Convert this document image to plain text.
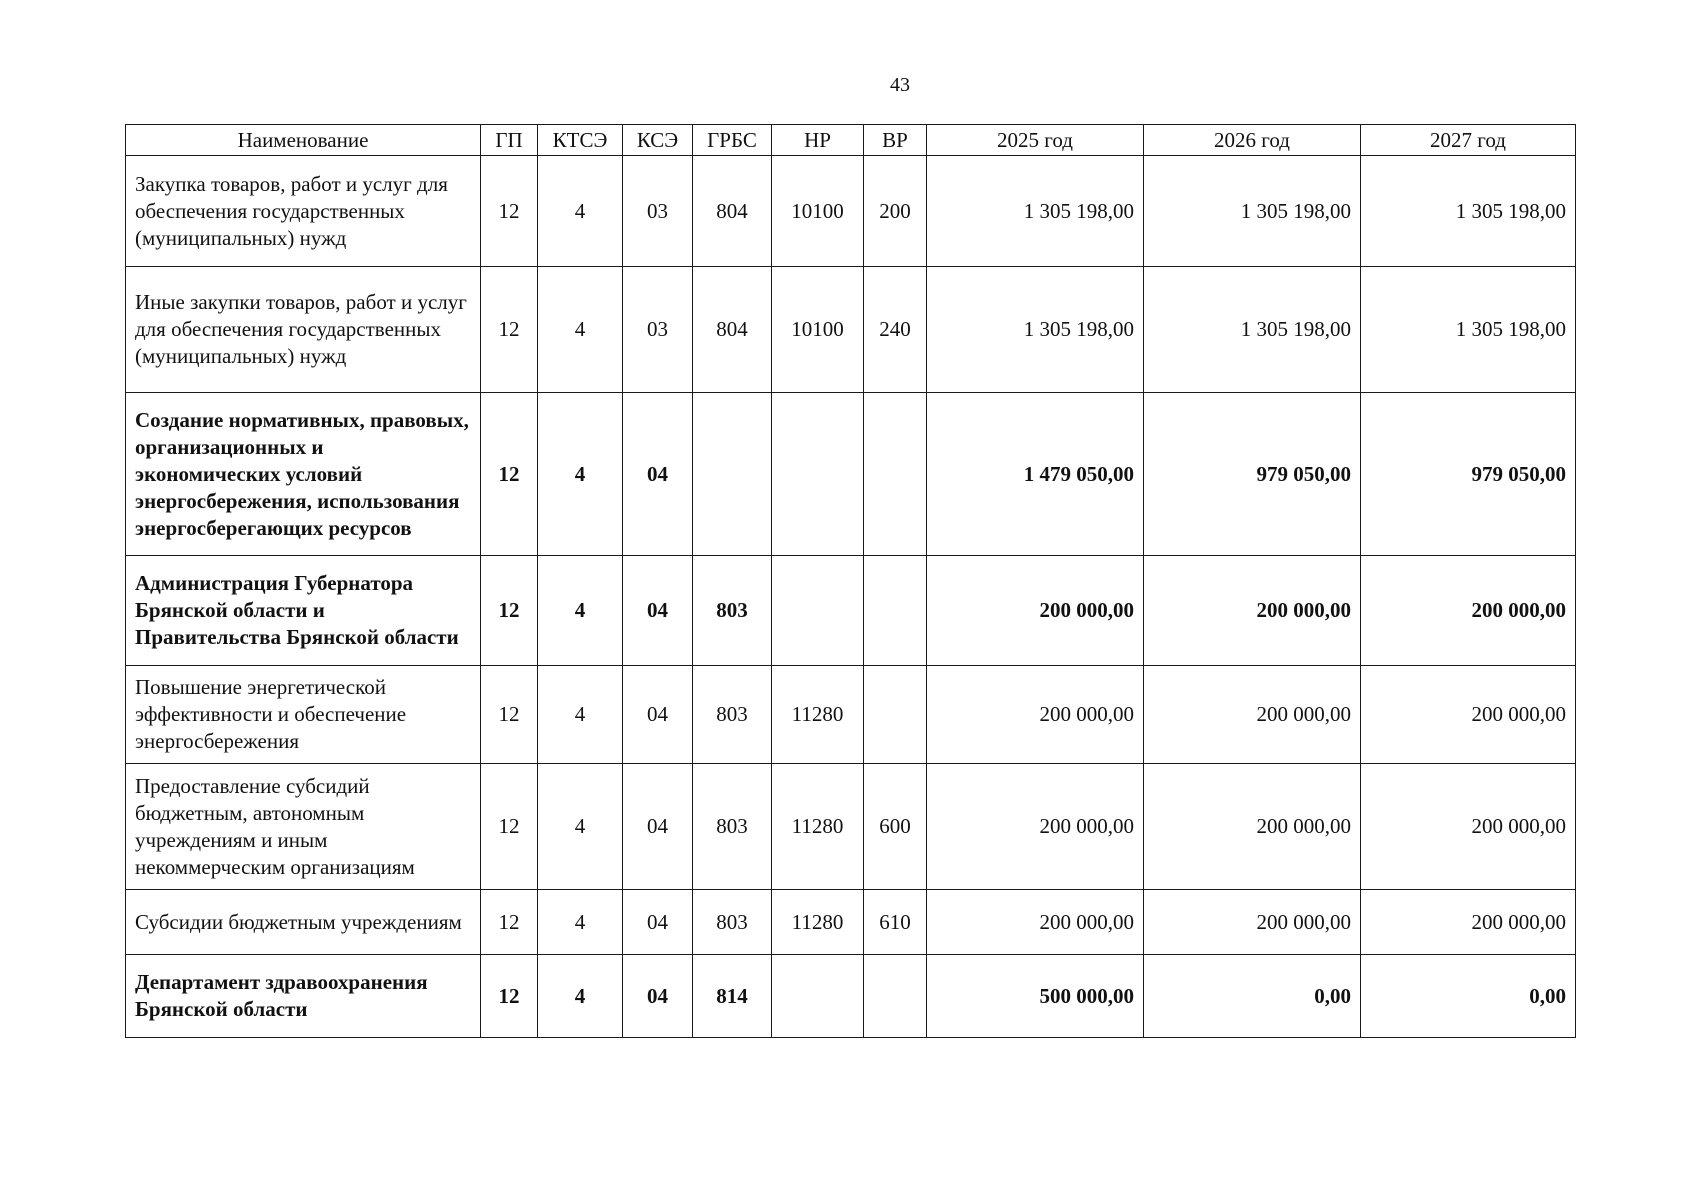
43
Наименование	ГП	КТСЭ	КСЭ	ГРБС	НР	ВР	2025 год	2026 год	2027 год
Закупка товаров, работ и услуг для обеспечения государственных (муниципальных) нужд	12	4	03	804	10100	200	1 305 198,00	1 305 198,00	1 305 198,00
Иные закупки товаров, работ и услуг для обеспечения государственных (муниципальных) нужд	12	4	03	804	10100	240	1 305 198,00	1 305 198,00	1 305 198,00
Создание нормативных, правовых, организационных и экономических условий энергосбережения, использования энергосберегающих ресурсов	12	4	04				1 479 050,00	979 050,00	979 050,00
Администрация Губернатора Брянской области и Правительства Брянской области	12	4	04	803			200 000,00	200 000,00	200 000,00
Повышение энергетической эффективности и обеспечение энергосбережения	12	4	04	803	11280		200 000,00	200 000,00	200 000,00
Предоставление субсидий бюджетным, автономным учреждениям и иным некоммерческим организациям	12	4	04	803	11280	600	200 000,00	200 000,00	200 000,00
Субсидии бюджетным учреждениям	12	4	04	803	11280	610	200 000,00	200 000,00	200 000,00
Департамент здравоохранения Брянской области	12	4	04	814			500 000,00	0,00	0,00
